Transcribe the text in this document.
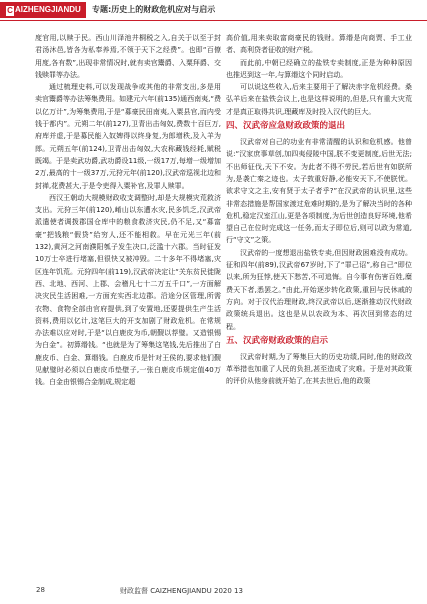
C AIZHENGJIANDU	专题:历史上的财政危机应对与启示

度官用,以赎于民。西山川泽池井桐税之入,自关于以至于封君汤沐邑,皆各为私奉养焉,不领于天下之经费”。也即“百僚用度,各有数”,出现非常情况时,就有卖官鬻爵、入粟拜爵、交钱赎罪等办法。

通过梳理史料,可以发现战争或其他的非常支出,多是用卖官鬻爵等办法筹集费用。如建元六年(前135)通西南夷,“费以亿万计”,为筹集费用,于是“募豪民田南夷,入粟县官,而内受钱于都内”。元朔二年(前127),卫青出击匈奴,费数十百巨万,府库并虚,于是募民能入奴婢得以终身复,为郎增秩,及入羊为郎。元朔五年(前124),卫青出击匈奴,大农称藏钱经耗,赋税既竭。于是卖武功爵,武功爵设11级,一级17万,每增一级增加2万,最高的十一级37万,元狩元年(前120),汉武帝巡视北边和封禅,花费甚大,于是令吏得入粟补官,及罪人赎罪。

西汉王朝动大规模财政收支调整时,却是大规模灾荒救济支出。元狩三年(前120),崤山以东遭水灾,民多饥乏,汉武帝派遣使者调拨郡国仓库中的粮食救济灾民,仍不足,又“募富豪”把钱粮“假贷”给穷人,还不能相救。早在元光三年(前132),黄河之河南濮阳瓠子发生决口,泛滥十六郡。当时征发10万士卒进行堵塞,但很快又被冲毁。二十多年不得堵塞,灾区连年饥荒。元狩四年(前119),汉武帝决定让“关东贫民徙陇西、北地、西河、上郡、会稽凡七十二万五千口”,一方面解决灾民生活困难,一方面充实西北边郡。沿途分区管理,所需衣物、食物全部由官府提供,到了安置地,还要提供生产生活资料,费用以亿计,这笔巨大的开支加剧了财政危机。在常规办法难以应对时,于是“以白鹿皮为币,朝觐以荐璧。又造银锡为白金”。初算缗钱。“也就是为了筹集这笔钱,先后推出了白鹿皮币、白金、算缗钱。白鹿皮币是针对王侯的,要求他们觐见献璧时必须以白鹿皮币垫壁子,一张白鹿皮币规定值40万钱。白金由银锡合金制成,规定超

高价值,用来卖取富商豪民的钱财。算缗是向商贾、手工业者、高利贷者征收的财产税。

而此前,中朝已经确立的盐铁专卖制度,正是为种种原因也推迟到这一年,与算缗这个同时启动。

可以说这些收入,后来主要用于了解决赤字危机经费。桑弘羊后来在盐铁会议上,也是这样说明的,但是,只有重大灾荒才是真正取得共识,理藏库及时投入汉代的巨大。

四、汉武帝应急财政政策的退出

汉武帝对自己的功业有非常清醒的认识和危机感。他曾说:“汉家庶事草创,加四夷侵陵中国,朕不变更制度,后世无法;不出师征伐,天下不安。为此者不得不劳民,若后世有如朕所为,是袭亡秦之迹也。太子敦重好静,必能安天下,不使朕忧。欲求守文之主,安有贤于太子者乎?”在汉武帝的认识里,这些非常态措施是帮国家渡过危难时期的,是为了解决当时的各种危机,稳定汉室江山,更是各项制度,为后世创造良好环境,他希望自己在位时完成这一任务,而太子即位后,则可以政为常道,行“守文”之策。

汉武帝的一度想退出盐铁专卖,但因财政困难没有成功。征和四年(前89),汉武帝67岁时,下了“罪己诏”,称自己“即位以来,所为狂悖,使天下愁苦,不可追悔。自今事有伤害百姓,糜费天下者,悉罢之。”由此,开始逐步转化政策,重回与民休戚的方向。对于汉代治理财政,终汉武帝以后,逐渐推动汉代财政政策统兵退出。这也是从以农政为本、再次回到常态的过程。

五、汉武帝财政政策的启示

汉武帝时期,为了筹集巨大的历史功绩,同时,他的财政改革举措也加重了人民的负担,甚至造成了灾难。于是对其政策的评价从他身前就开始了,在其去世后,他的政策

28	财政监督 CAIZHENGJIANDU 2020 13
